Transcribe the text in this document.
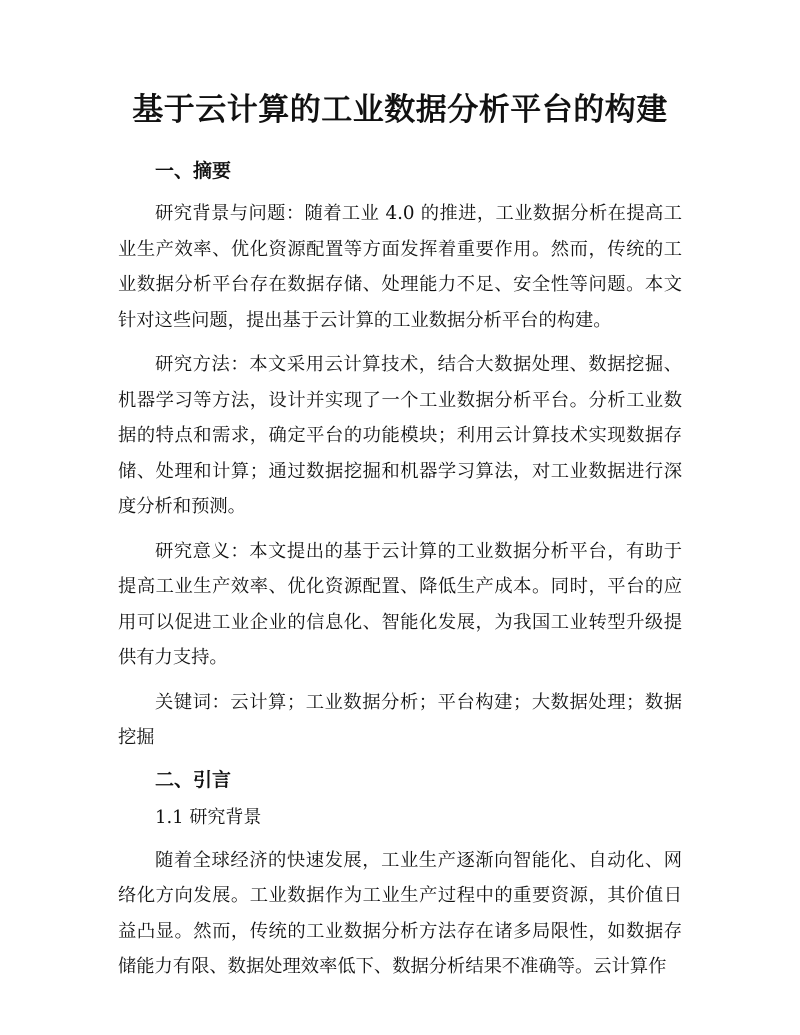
基于云计算的工业数据分析平台的构建
一、摘要

研究背景与问题：随着工业 4.0 的推进，工业数据分析在提高工业生产效率、优化资源配置等方面发挥着重要作用。然而，传统的工业数据分析平台存在数据存储、处理能力不足、安全性等问题。本文针对这些问题，提出基于云计算的工业数据分析平台的构建。

研究方法：本文采用云计算技术，结合大数据处理、数据挖掘、机器学习等方法，设计并实现了一个工业数据分析平台。分析工业数据的特点和需求，确定平台的功能模块；利用云计算技术实现数据存储、处理和计算；通过数据挖掘和机器学习算法，对工业数据进行深度分析和预测。

研究意义：本文提出的基于云计算的工业数据分析平台，有助于提高工业生产效率、优化资源配置、降低生产成本。同时，平台的应用可以促进工业企业的信息化、智能化发展，为我国工业转型升级提供有力支持。

关键词：云计算；工业数据分析；平台构建；大数据处理；数据挖掘

二、引言
1.1 研究背景

随着全球经济的快速发展，工业生产逐渐向智能化、自动化、网络化方向发展。工业数据作为工业生产过程中的重要资源，其价值日益凸显。然而，传统的工业数据分析方法存在诸多局限性，如数据存储能力有限、数据处理效率低下、数据分析结果不准确等。云计算作
